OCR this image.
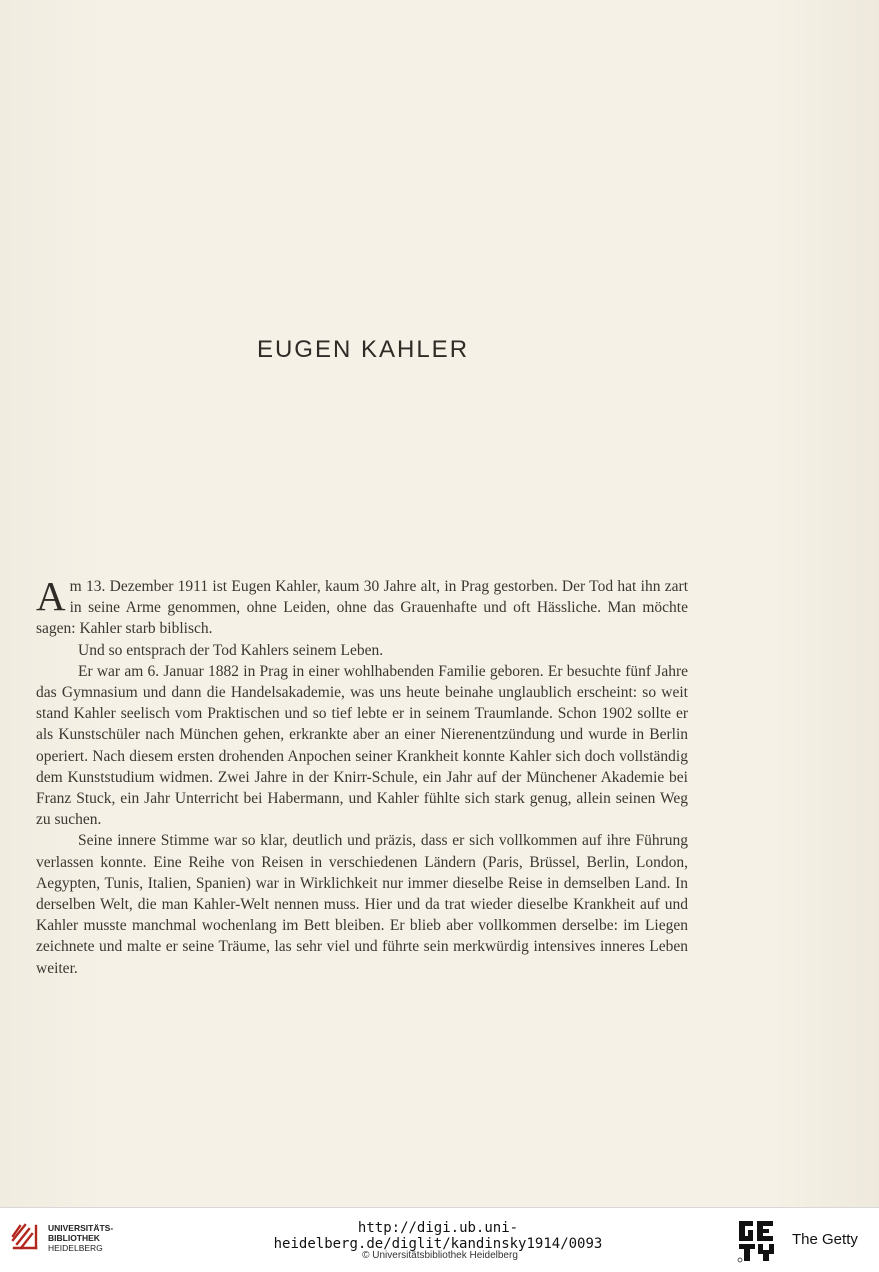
EUGEN KAHLER

Am 13. Dezember 1911 ist Eugen Kahler, kaum 30 Jahre alt, in Prag gestorben. Der Tod hat ihn zart in seine Arme genommen, ohne Leiden, ohne das Grauenhafte und oft Hässliche. Man möchte sagen: Kahler starb biblisch.

Und so entsprach der Tod Kahlers seinem Leben.

Er war am 6. Januar 1882 in Prag in einer wohlhabenden Familie geboren. Er besuchte fünf Jahre das Gymnasium und dann die Handelsakademie, was uns heute beinahe unglaublich erscheint: so weit stand Kahler seelisch vom Praktischen und so tief lebte er in seinem Traumlande. Schon 1902 sollte er als Kunstschüler nach München gehen, erkrankte aber an einer Nierenentzündung und wurde in Berlin operiert. Nach diesem ersten drohenden Anpochen seiner Krankheit konnte Kahler sich doch vollständig dem Kunststudium widmen. Zwei Jahre in der Knirr-Schule, ein Jahr auf der Münchener Akademie bei Franz Stuck, ein Jahr Unterricht bei Habermann, und Kahler fühlte sich stark genug, allein seinen Weg zu suchen.

Seine innere Stimme war so klar, deutlich und präzis, dass er sich vollkommen auf ihre Führung verlassen konnte. Eine Reihe von Reisen in verschiedenen Ländern (Paris, Brüssel, Berlin, London, Aegypten, Tunis, Italien, Spanien) war in Wirklichkeit nur immer dieselbe Reise in demselben Land. In derselben Welt, die man Kahler-Welt nennen muss. Hier und da trat wieder dieselbe Krankheit auf und Kahler musste manchmal wochenlang im Bett bleiben. Er blieb aber vollkommen derselbe: im Liegen zeichnete und malte er seine Träume, las sehr viel und führte sein merkwürdig intensives inneres Leben weiter.

UNIVERSITÄTS-
BIBLIOTHEK
HEIDELBERG
http://digi.ub.uni-heidelberg.de/diglit/kandinsky1914/0093
© Universitätsbibliothek Heidelberg
The Getty
